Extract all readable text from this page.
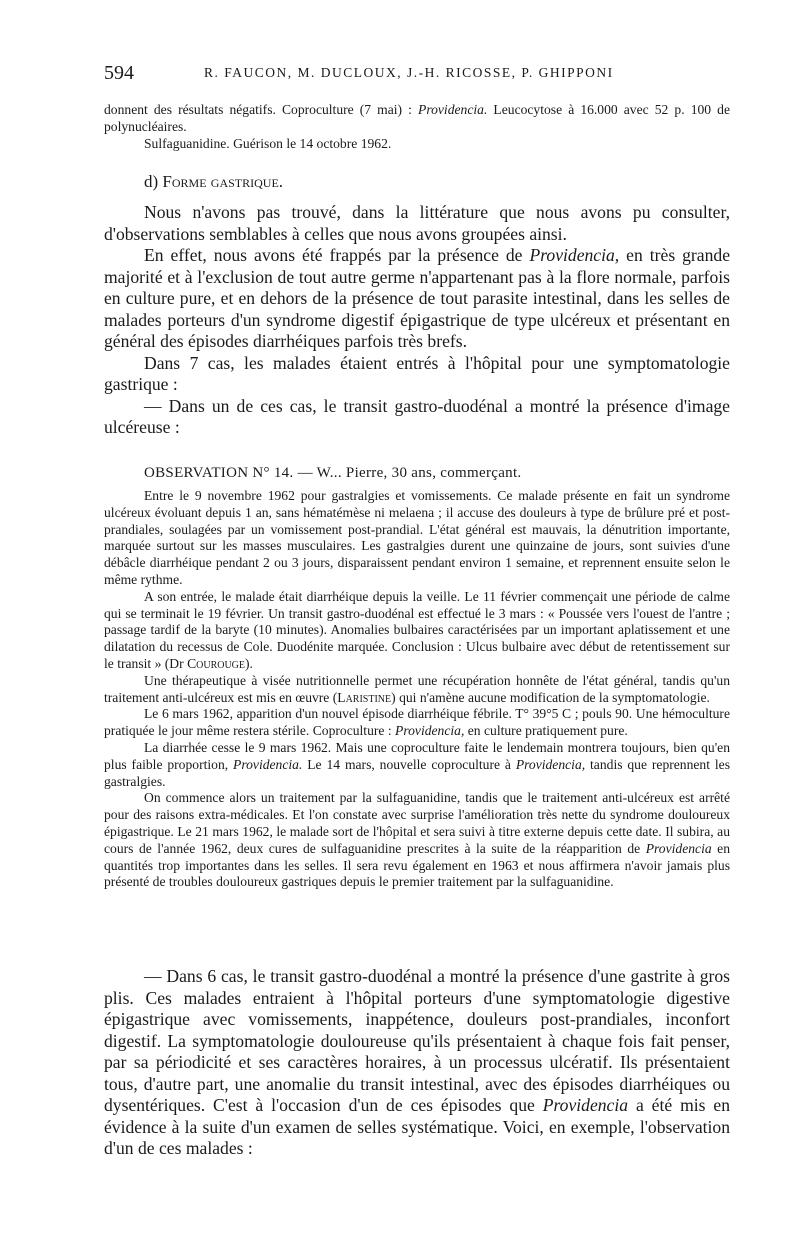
594	R. FAUCON, M. DUCLOUX, J.-H. RICOSSE, P. GHIPPONI

donnent des résultats négatifs. Coproculture (7 mai) : Providencia. Leucocytose à 16.000 avec 52 p. 100 de polynucléaires.

Sulfaguanidine. Guérison le 14 octobre 1962.

d) Forme gastrique.

Nous n'avons pas trouvé, dans la littérature que nous avons pu consulter, d'observations semblables à celles que nous avons groupées ainsi.

En effet, nous avons été frappés par la présence de Providencia, en très grande majorité et à l'exclusion de tout autre germe n'appartenant pas à la flore normale, parfois en culture pure, et en dehors de la présence de tout parasite intestinal, dans les selles de malades porteurs d'un syndrome digestif épigastrique de type ulcéreux et présentant en général des épisodes diarrhéiques parfois très brefs.

Dans 7 cas, les malades étaient entrés à l'hôpital pour une symptomatologie gastrique :

— Dans un de ces cas, le transit gastro-duodénal a montré la présence d'image ulcéreuse :

OBSERVATION N° 14. — W... Pierre, 30 ans, commerçant.

Entre le 9 novembre 1962 pour gastralgies et vomissements. Ce malade présente en fait un syndrome ulcéreux évoluant depuis 1 an, sans hématémèse ni melaena ; il accuse des douleurs à type de brûlure pré et post-prandiales, soulagées par un vomissement post-prandial. L'état général est mauvais, la dénutrition importante, marquée surtout sur les masses musculaires. Les gastralgies durent une quinzaine de jours, sont suivies d'une débâcle diarrhéique pendant 2 ou 3 jours, disparaissent pendant environ 1 semaine, et reprennent ensuite selon le même rythme.

A son entrée, le malade était diarrhéique depuis la veille. Le 11 février commençait une période de calme qui se terminait le 19 février. Un transit gastro-duodénal est effectué le 3 mars : « Poussée vers l'ouest de l'antre ; passage tardif de la baryte (10 minutes). Anomalies bulbaires caractérisées par un important aplatissement et une dilatation du recessus de Cole. Duodénite marquée. Conclusion : Ulcus bulbaire avec début de retentissement sur le transit » (Dr Courouge).

Une thérapeutique à visée nutritionnelle permet une récupération honnête de l'état général, tandis qu'un traitement anti-ulcéreux est mis en œuvre (Laristine) qui n'amène aucune modification de la symptomatologie.

Le 6 mars 1962, apparition d'un nouvel épisode diarrhéique fébrile. T° 39°5 C ; pouls 90. Une hémoculture pratiquée le jour même restera stérile. Coproculture : Providencia, en culture pratiquement pure.

La diarrhée cesse le 9 mars 1962. Mais une coproculture faite le lendemain montrera toujours, bien qu'en plus faible proportion, Providencia. Le 14 mars, nouvelle coproculture à Providencia, tandis que reprennent les gastralgies.

On commence alors un traitement par la sulfaguanidine, tandis que le traitement anti-ulcéreux est arrêté pour des raisons extra-médicales. Et l'on constate avec surprise l'amélioration très nette du syndrome douloureux épigastrique. Le 21 mars 1962, le malade sort de l'hôpital et sera suivi à titre externe depuis cette date. Il subira, au cours de l'année 1962, deux cures de sulfaguanidine prescrites à la suite de la réapparition de Providencia en quantités trop importantes dans les selles. Il sera revu également en 1963 et nous affirmera n'avoir jamais plus présenté de troubles douloureux gastriques depuis le premier traitement par la sulfaguanidine.

— Dans 6 cas, le transit gastro-duodénal a montré la présence d'une gastrite à gros plis. Ces malades entraient à l'hôpital porteurs d'une symptomatologie digestive épigastrique avec vomissements, inappétence, douleurs post-prandiales, inconfort digestif. La symptomatologie douloureuse qu'ils présentaient à chaque fois fait penser, par sa périodicité et ses caractères horaires, à un processus ulcératif. Ils présentaient tous, d'autre part, une anomalie du transit intestinal, avec des épisodes diarrhéiques ou dysentériques. C'est à l'occasion d'un de ces épisodes que Providencia a été mis en évidence à la suite d'un examen de selles systématique. Voici, en exemple, l'observation d'un de ces malades :
